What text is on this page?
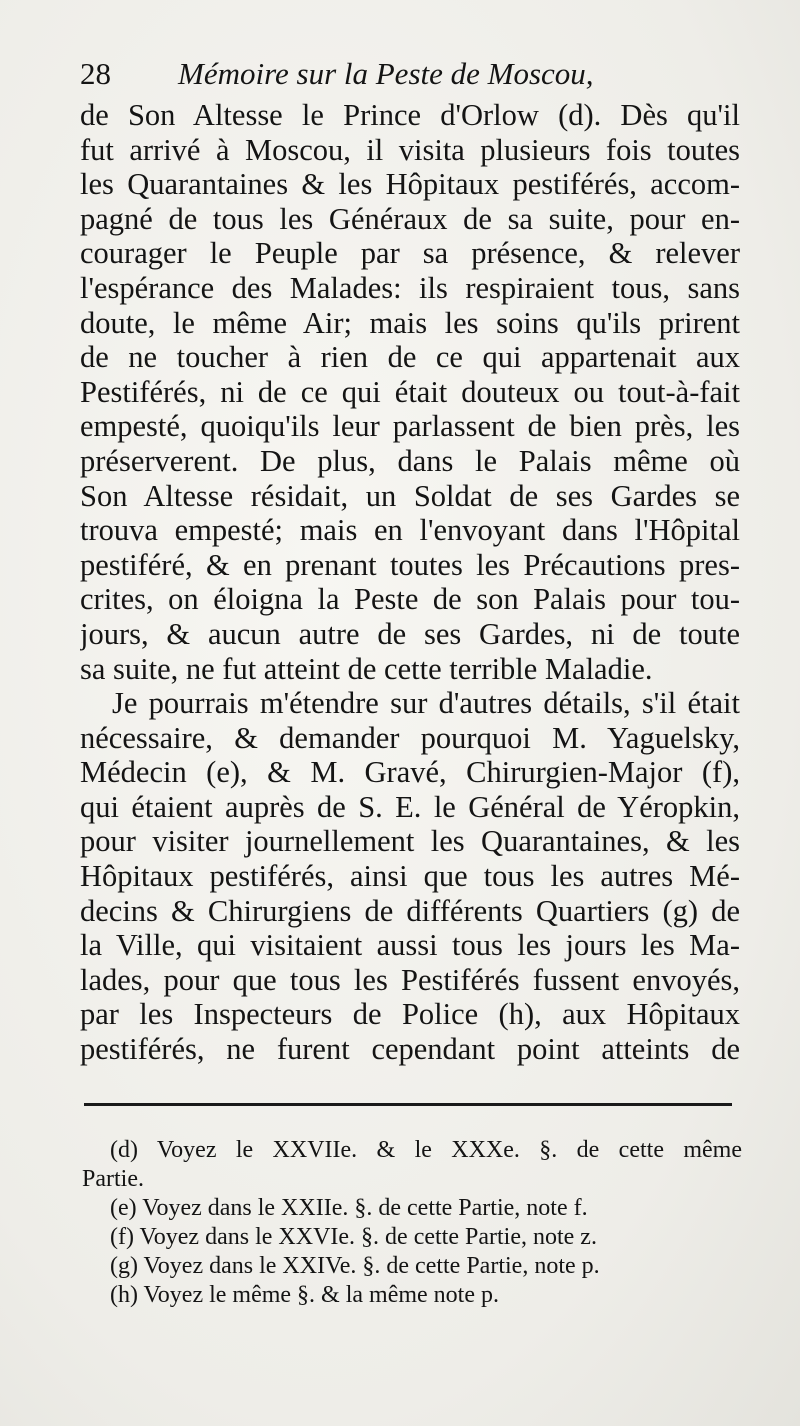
28 Mémoire sur la Peste de Moscou,
de Son Altesse le Prince d'Orlow (d). Dès qu'il
fut arrivé à Moscou, il visita plusieurs fois toutes
les Quarantaines & les Hôpitaux pestiférés, accom-
pagné de tous les Généraux de sa suite, pour en-
courager le Peuple par sa présence, & relever
l'espérance des Malades: ils respiraient tous, sans
doute, le même Air; mais les soins qu'ils prirent
de ne toucher à rien de ce qui appartenait aux
Pestiférés, ni de ce qui était douteux ou tout-à-fait
empesté, quoiqu'ils leur parlassent de bien près, les
préserverent. De plus, dans le Palais même où
Son Altesse résidait, un Soldat de ses Gardes se
trouva empesté; mais en l'envoyant dans l'Hôpital
pestiféré, & en prenant toutes les Précautions pres-
crites, on éloigna la Peste de son Palais pour tou-
jours, & aucun autre de ses Gardes, ni de toute
sa suite, ne fut atteint de cette terrible Maladie.
Je pourrais m'étendre sur d'autres détails, s'il était
nécessaire, & demander pourquoi M. Yaguelsky,
Médecin (e), & M. Gravé, Chirurgien-Major (f),
qui étaient auprès de S. E. le Général de Yéropkin,
pour visiter journellement les Quarantaines, & les
Hôpitaux pestiférés, ainsi que tous les autres Mé-
decins & Chirurgiens de différents Quartiers (g) de
la Ville, qui visitaient aussi tous les jours les Ma-
lades, pour que tous les Pestiférés fussent envoyés,
par les Inspecteurs de Police (h), aux Hôpitaux
pestiférés, ne furent cependant point atteints de
(d) Voyez le XXVIIe. & le XXXe. §. de cette même
Partie.
(e) Voyez dans le XXIIe. §. de cette Partie, note f.
(f) Voyez dans le XXVIe. §. de cette Partie, note z.
(g) Voyez dans le XXIVe. §. de cette Partie, note p.
(h) Voyez le même §. & la même note p.
